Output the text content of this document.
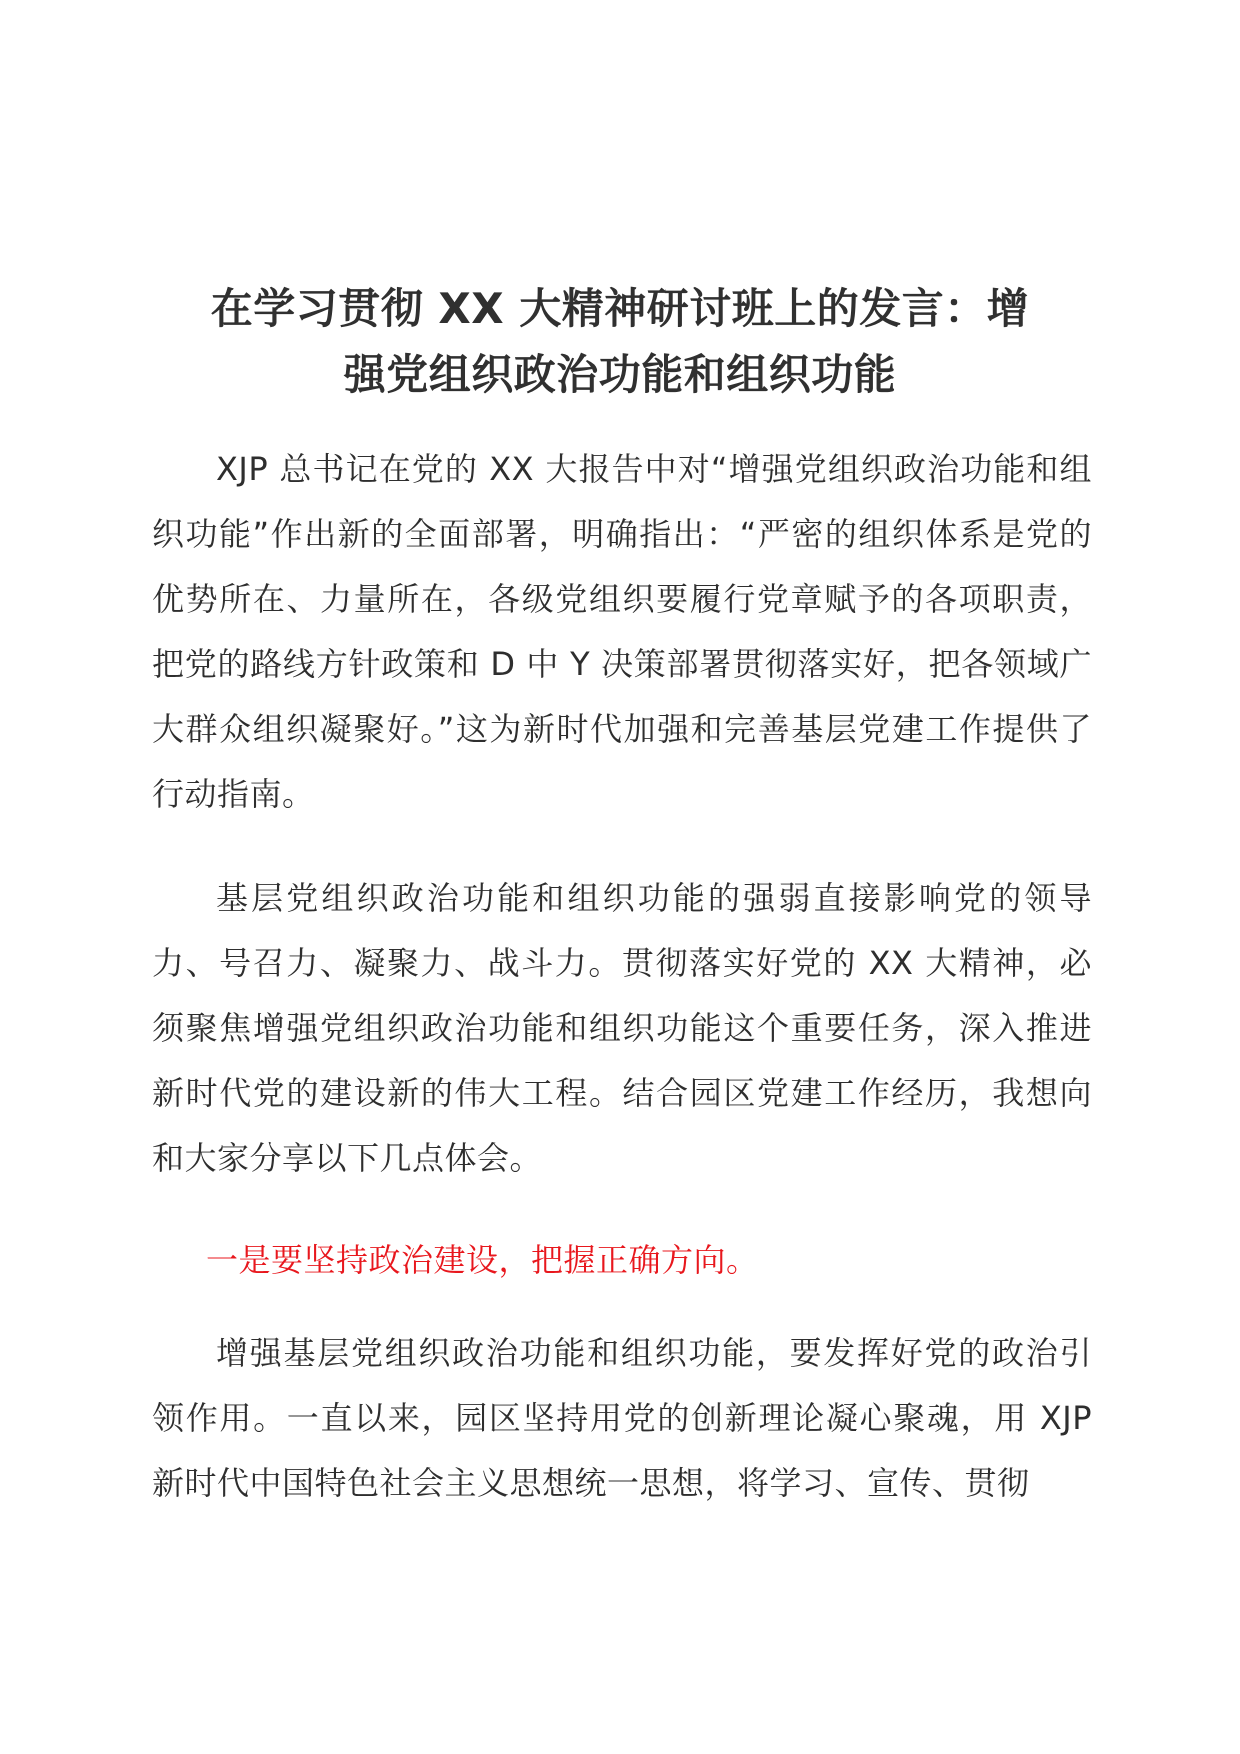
在学习贯彻 XX 大精神研讨班上的发言：增
强党组织政治功能和组织功能

XJP 总书记在党的 XX 大报告中对“增强党组织政治功能和组织功能”作出新的全面部署，明确指出：“严密的组织体系是党的优势所在、力量所在，各级党组织要履行党章赋予的各项职责，把党的路线方针政策和 D 中 Y 决策部署贯彻落实好，把各领域广大群众组织凝聚好。”这为新时代加强和完善基层党建工作提供了行动指南。

基层党组织政治功能和组织功能的强弱直接影响党的领导力、号召力、凝聚力、战斗力。贯彻落实好党的 XX 大精神，必须聚焦增强党组织政治功能和组织功能这个重要任务，深入推进新时代党的建设新的伟大工程。结合园区党建工作经历，我想向和大家分享以下几点体会。

一是要坚持政治建设，把握正确方向。

增强基层党组织政治功能和组织功能，要发挥好党的政治引领作用。一直以来，园区坚持用党的创新理论凝心聚魂，用 XJP 新时代中国特色社会主义思想统一思想，将学习、宣传、贯彻
